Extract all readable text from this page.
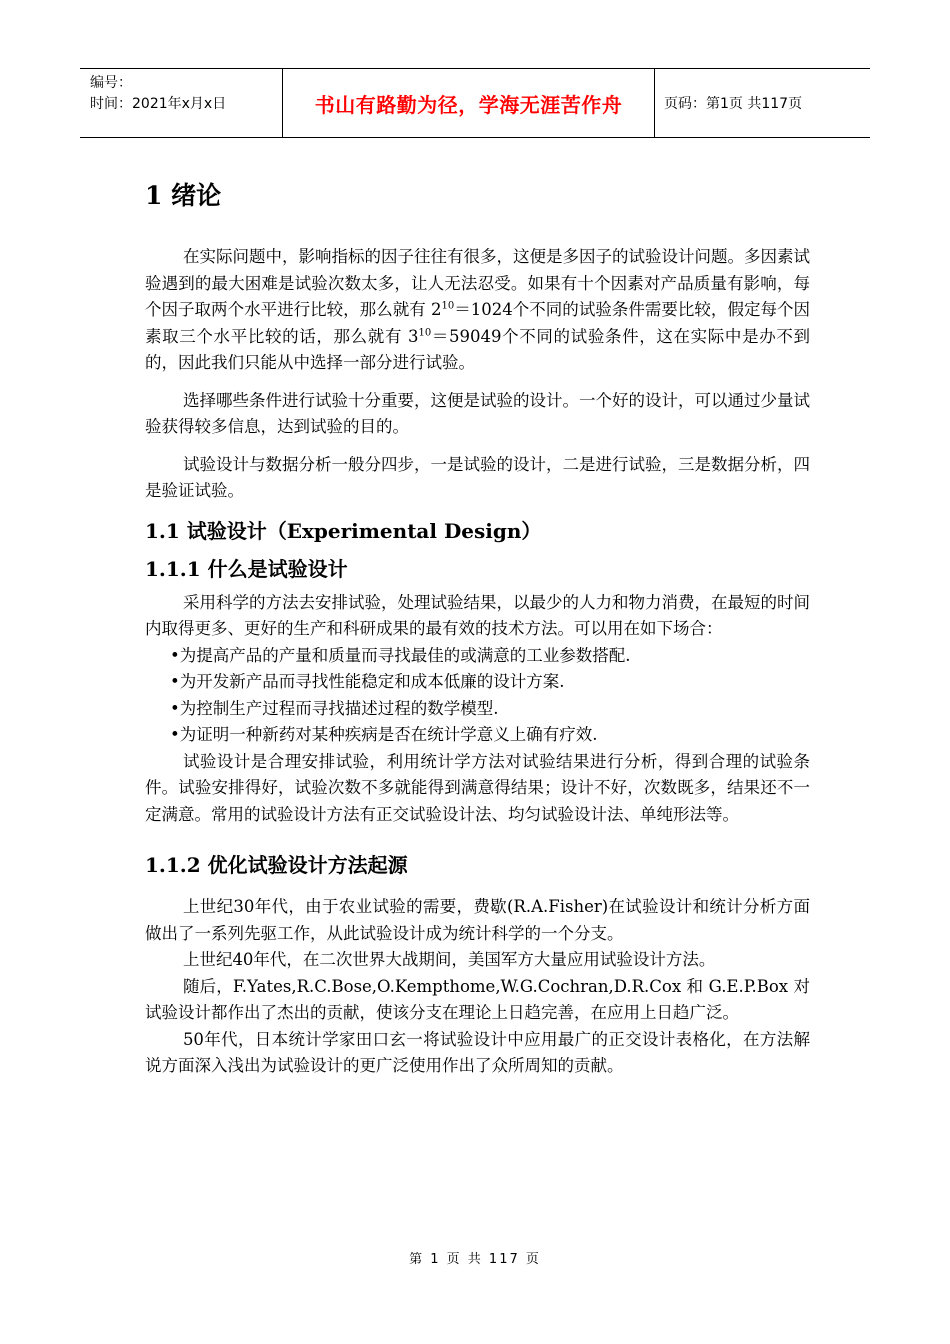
编号：
时间：2021年x月x日	书山有路勤为径，学海无涯苦作舟	页码：第1页 共117页
1 绪论

在实际问题中，影响指标的因子往往有很多，这便是多因子的试验设计问题。多因素试验遇到的最大困难是试验次数太多，让人无法忍受。如果有十个因素对产品质量有影响，每个因子取两个水平进行比较，那么就有 $2^{10}=1024$个不同的试验条件需要比较，假定每个因素取三个水平比较的话，那么就有 $3^{10}=59049$个不同的试验条件，这在实际中是办不到的，因此我们只能从中选择一部分进行试验。

选择哪些条件进行试验十分重要，这便是试验的设计。一个好的设计，可以通过少量试验获得较多信息，达到试验的目的。

试验设计与数据分析一般分四步，一是试验的设计，二是进行试验，三是数据分析，四是验证试验。

1.1 试验设计（Experimental Design）
1.1.1 什么是试验设计

采用科学的方法去安排试验，处理试验结果，以最少的人力和物力消费，在最短的时间内取得更多、更好的生产和科研成果的最有效的技术方法。可以用在如下场合：

•为提高产品的产量和质量而寻找最佳的或满意的工业参数搭配.
•为开发新产品而寻找性能稳定和成本低廉的设计方案.
•为控制生产过程而寻找描述过程的数学模型.
•为证明一种新药对某种疾病是否在统计学意义上确有疗效.

试验设计是合理安排试验，利用统计学方法对试验结果进行分析，得到合理的试验条件。试验安排得好，试验次数不多就能得到满意得结果；设计不好，次数既多，结果还不一定满意。常用的试验设计方法有正交试验设计法、均匀试验设计法、单纯形法等。

1.1.2 优化试验设计方法起源

上世纪30年代，由于农业试验的需要，费歇(R.A.Fisher)在试验设计和统计分析方面做出了一系列先驱工作，从此试验设计成为统计科学的一个分支。

上世纪40年代，在二次世界大战期间，美国军方大量应用试验设计方法。

随后，F.Yates,R.C.Bose,O.Kempthome,W.G.Cochran,D.R.Cox 和 G.E.P.Box 对试验设计都作出了杰出的贡献，使该分支在理论上日趋完善，在应用上日趋广泛。

50年代，日本统计学家田口玄一将试验设计中应用最广的正交设计表格化，在方法解说方面深入浅出为试验设计的更广泛使用作出了众所周知的贡献。

第 1 页 共 117 页
